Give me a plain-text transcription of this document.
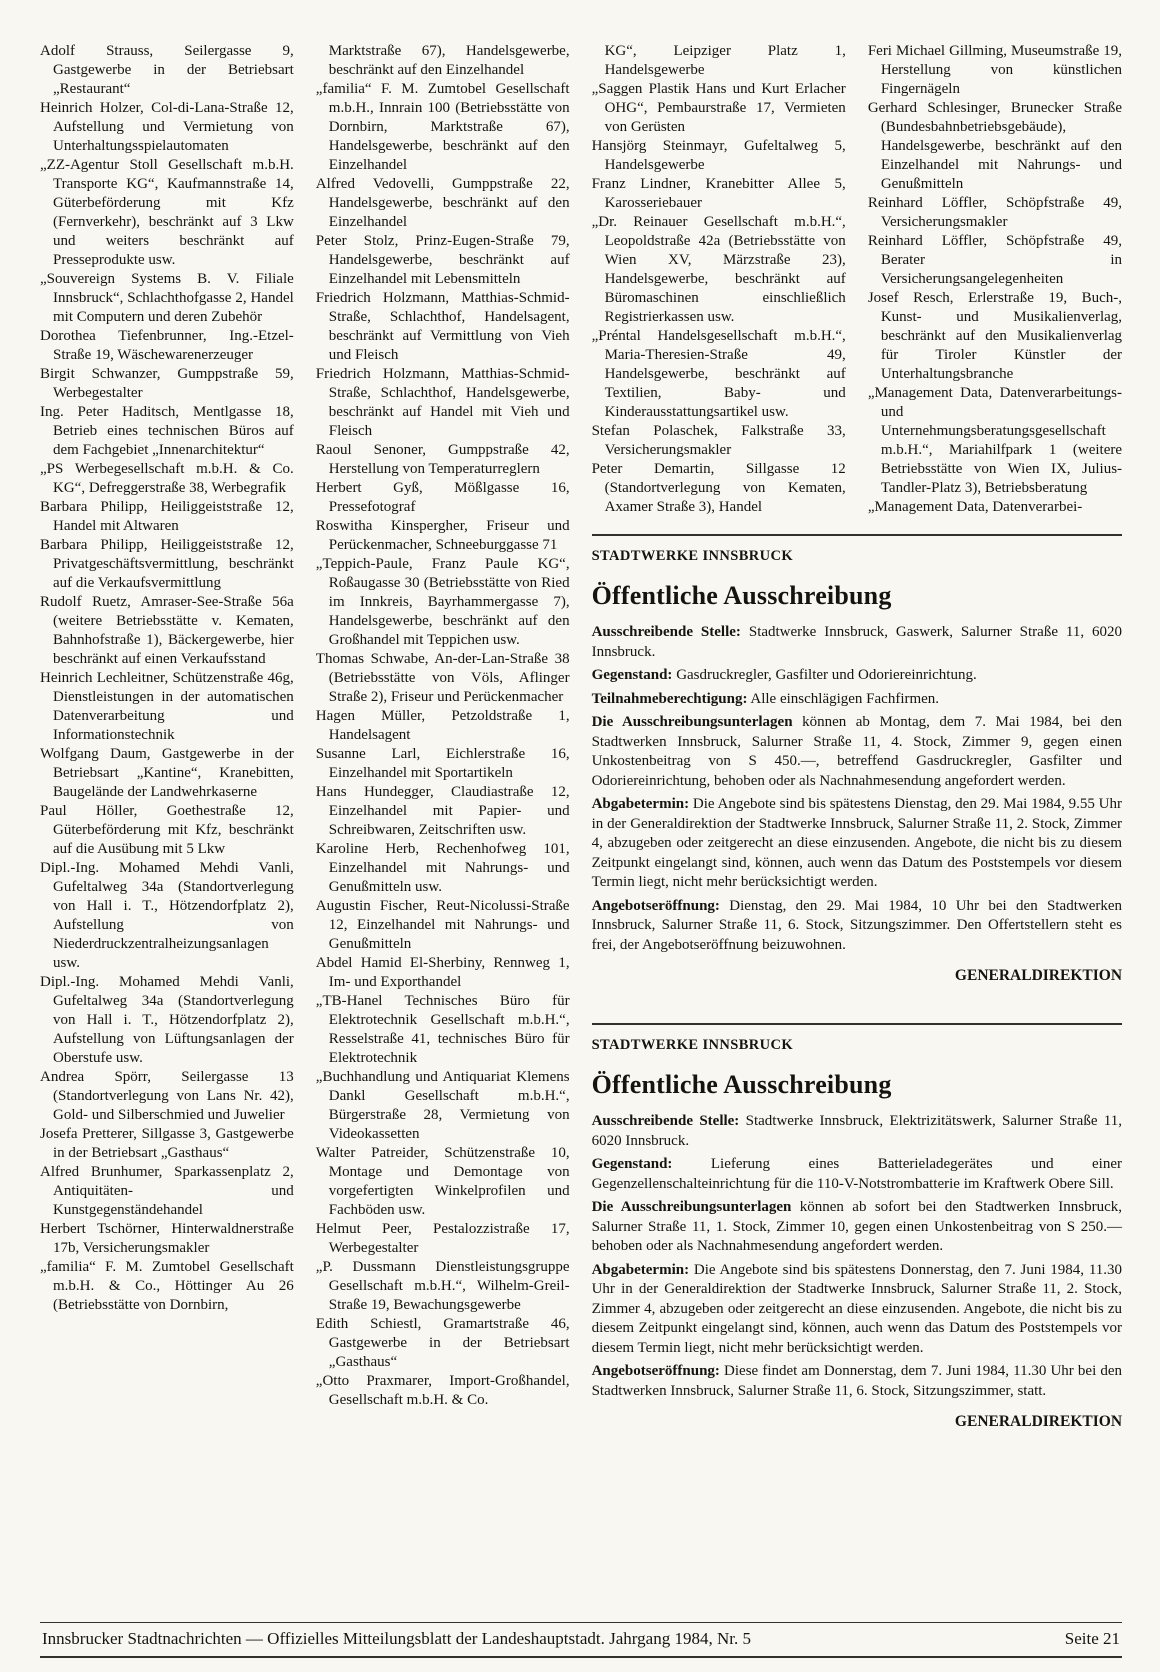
Adolf Strauss, Seilergasse 9, Gastgewerbe in der Betriebsart „Restaurant“

Heinrich Holzer, Col-di-Lana-Straße 12, Aufstellung und Vermietung von Unterhaltungsspielautomaten

„ZZ-Agentur Stoll Gesellschaft m.b.H. Transporte KG“, Kaufmannstraße 14, Güterbeförderung mit Kfz (Fernverkehr), beschränkt auf 3 Lkw und weiters beschränkt auf Presseprodukte usw.

„Souvereign Systems B. V. Filiale Innsbruck“, Schlachthofgasse 2, Handel mit Computern und deren Zubehör

Dorothea Tiefenbrunner, Ing.-Etzel-Straße 19, Wäschewarenerzeuger

Birgit Schwanzer, Gumppstraße 59, Werbegestalter

Ing. Peter Haditsch, Mentlgasse 18, Betrieb eines technischen Büros auf dem Fachgebiet „Innenarchitektur“

„PS Werbegesellschaft m.b.H. & Co. KG“, Defreggerstraße 38, Werbegrafik

Barbara Philipp, Heiliggeiststraße 12, Handel mit Altwaren

Barbara Philipp, Heiliggeiststraße 12, Privatgeschäftsvermittlung, beschränkt auf die Verkaufsvermittlung

Rudolf Ruetz, Amraser-See-Straße 56a (weitere Betriebsstätte v. Kematen, Bahnhofstraße 1), Bäckergewerbe, hier beschränkt auf einen Verkaufsstand

Heinrich Lechleitner, Schützenstraße 46g, Dienstleistungen in der automatischen Datenverarbeitung und Informationstechnik

Wolfgang Daum, Gastgewerbe in der Betriebsart „Kantine“, Kranebitten, Baugelände der Landwehrkaserne

Paul Höller, Goethestraße 12, Güterbeförderung mit Kfz, beschränkt auf die Ausübung mit 5 Lkw

Dipl.-Ing. Mohamed Mehdi Vanli, Gufeltalweg 34a (Standortverlegung von Hall i. T., Hötzendorfplatz 2), Aufstellung von Niederdruckzentralheizungsanlagen usw.

Dipl.-Ing. Mohamed Mehdi Vanli, Gufeltalweg 34a (Standortverlegung von Hall i. T., Hötzendorfplatz 2), Aufstellung von Lüftungsanlagen der Oberstufe usw.

Andrea Spörr, Seilergasse 13 (Standortverlegung von Lans Nr. 42), Gold- und Silberschmied und Juwelier

Josefa Pretterer, Sillgasse 3, Gastgewerbe in der Betriebsart „Gasthaus“

Alfred Brunhumer, Sparkassenplatz 2, Antiquitäten- und Kunstgegenständehandel

Herbert Tschörner, Hinterwaldnerstraße 17b, Versicherungsmakler

„familia“ F. M. Zumtobel Gesellschaft m.b.H. & Co., Höttinger Au 26 (Betriebsstätte von Dornbirn,

Marktstraße 67), Handelsgewerbe, beschränkt auf den Einzelhandel

„familia“ F. M. Zumtobel Gesellschaft m.b.H., Innrain 100 (Betriebsstätte von Dornbirn, Marktstraße 67), Handelsgewerbe, beschränkt auf den Einzelhandel

Alfred Vedovelli, Gumppstraße 22, Handelsgewerbe, beschränkt auf den Einzelhandel

Peter Stolz, Prinz-Eugen-Straße 79, Handelsgewerbe, beschränkt auf Einzelhandel mit Lebensmitteln

Friedrich Holzmann, Matthias-Schmid-Straße, Schlachthof, Handelsagent, beschränkt auf Vermittlung von Vieh und Fleisch

Friedrich Holzmann, Matthias-Schmid-Straße, Schlachthof, Handelsgewerbe, beschränkt auf Handel mit Vieh und Fleisch

Raoul Senoner, Gumppstraße 42, Herstellung von Temperaturreglern

Herbert Gyß, Mößlgasse 16, Pressefotograf

Roswitha Kinspergher, Friseur und Perückenmacher, Schneeburggasse 71

„Teppich-Paule, Franz Paule KG“, Roßaugasse 30 (Betriebsstätte von Ried im Innkreis, Bayrhammergasse 7), Handelsgewerbe, beschränkt auf den Großhandel mit Teppichen usw.

Thomas Schwabe, An-der-Lan-Straße 38 (Betriebsstätte von Völs, Aflinger Straße 2), Friseur und Perückenmacher

Hagen Müller, Petzoldstraße 1, Handelsagent

Susanne Larl, Eichlerstraße 16, Einzelhandel mit Sportartikeln

Hans Hundegger, Claudiastraße 12, Einzelhandel mit Papier- und Schreibwaren, Zeitschriften usw.

Karoline Herb, Rechenhofweg 101, Einzelhandel mit Nahrungs- und Genußmitteln usw.

Augustin Fischer, Reut-Nicolussi-Straße 12, Einzelhandel mit Nahrungs- und Genußmitteln

Abdel Hamid El-Sherbiny, Rennweg 1, Im- und Exporthandel

„TB-Hanel Technisches Büro für Elektrotechnik Gesellschaft m.b.H.“, Resselstraße 41, technisches Büro für Elektrotechnik

„Buchhandlung und Antiquariat Klemens Dankl Gesellschaft m.b.H.“, Bürgerstraße 28, Vermietung von Videokassetten

Walter Patreider, Schützenstraße 10, Montage und Demontage von vorgefertigten Winkelprofilen und Fachböden usw.

Helmut Peer, Pestalozzistraße 17, Werbegestalter

„P. Dussmann Dienstleistungsgruppe Gesellschaft m.b.H.“, Wilhelm-Greil-Straße 19, Bewachungsgewerbe

Edith Schiestl, Gramartstraße 46, Gastgewerbe in der Betriebsart „Gasthaus“

„Otto Praxmarer, Import-Großhandel, Gesellschaft m.b.H. & Co.

KG“, Leipziger Platz 1, Handelsgewerbe

„Saggen Plastik Hans und Kurt Erlacher OHG“, Pembaurstraße 17, Vermieten von Gerüsten

Hansjörg Steinmayr, Gufeltalweg 5, Handelsgewerbe

Franz Lindner, Kranebitter Allee 5, Karosseriebauer

„Dr. Reinauer Gesellschaft m.b.H.“, Leopoldstraße 42a (Betriebsstätte von Wien XV, Märzstraße 23), Handelsgewerbe, beschränkt auf Büromaschinen einschließlich Registrierkassen usw.

„Préntal Handelsgesellschaft m.b.H.“, Maria-Theresien-Straße 49, Handelsgewerbe, beschränkt auf Textilien, Baby- und Kinderausstattungsartikel usw.

Stefan Polaschek, Falkstraße 33, Versicherungsmakler

Peter Demartin, Sillgasse 12 (Standortverlegung von Kematen, Axamer Straße 3), Handel

Feri Michael Gillming, Museumstraße 19, Herstellung von künstlichen Fingernägeln

Gerhard Schlesinger, Brunecker Straße (Bundesbahnbetriebsgebäude), Handelsgewerbe, beschränkt auf den Einzelhandel mit Nahrungs- und Genußmitteln

Reinhard Löffler, Schöpfstraße 49, Versicherungsmakler

Reinhard Löffler, Schöpfstraße 49, Berater in Versicherungsangelegenheiten

Josef Resch, Erlerstraße 19, Buch-, Kunst- und Musikalienverlag, beschränkt auf den Musikalienverlag für Tiroler Künstler der Unterhaltungsbranche

„Management Data, Datenverarbeitungs- und Unternehmungsberatungsgesellschaft m.b.H.“, Mariahilfpark 1 (weitere Betriebsstätte von Wien IX, Julius-Tandler-Platz 3), Betriebsberatung

„Management Data, Datenverarbei-

STADTWERKE INNSBRUCK
Öffentliche Ausschreibung

Ausschreibende Stelle: Stadtwerke Innsbruck, Gaswerk, Salurner Straße 11, 6020 Innsbruck.

Gegenstand: Gasdruckregler, Gasfilter und Odoriereinrichtung.

Teilnahmeberechtigung: Alle einschlägigen Fachfirmen.

Die Ausschreibungsunterlagen können ab Montag, dem 7. Mai 1984, bei den Stadtwerken Innsbruck, Salurner Straße 11, 4. Stock, Zimmer 9, gegen einen Unkostenbeitrag von S 450.—, betreffend Gasdruckregler, Gasfilter und Odoriereinrichtung, behoben oder als Nachnahmesendung angefordert werden.

Abgabetermin: Die Angebote sind bis spätestens Dienstag, den 29. Mai 1984, 9.55 Uhr in der Generaldirektion der Stadtwerke Innsbruck, Salurner Straße 11, 2. Stock, Zimmer 4, abzugeben oder zeitgerecht an diese einzusenden. Angebote, die nicht bis zu diesem Zeitpunkt eingelangt sind, können, auch wenn das Datum des Poststempels vor diesem Termin liegt, nicht mehr berücksichtigt werden.

Angebotseröffnung: Dienstag, den 29. Mai 1984, 10 Uhr bei den Stadtwerken Innsbruck, Salurner Straße 11, 6. Stock, Sitzungszimmer. Den Offertstellern steht es frei, der Angebotseröffnung beizuwohnen.

GENERALDIREKTION
STADTWERKE INNSBRUCK
Öffentliche Ausschreibung

Ausschreibende Stelle: Stadtwerke Innsbruck, Elektrizitätswerk, Salurner Straße 11, 6020 Innsbruck.

Gegenstand: Lieferung eines Batterieladegerätes und einer Gegenzellenschalteinrichtung für die 110-V-Notstrombatterie im Kraftwerk Obere Sill.

Die Ausschreibungsunterlagen können ab sofort bei den Stadtwerken Innsbruck, Salurner Straße 11, 1. Stock, Zimmer 10, gegen einen Unkostenbeitrag von S 250.— behoben oder als Nachnahmesendung angefordert werden.

Abgabetermin: Die Angebote sind bis spätestens Donnerstag, den 7. Juni 1984, 11.30 Uhr in der Generaldirektion der Stadtwerke Innsbruck, Salurner Straße 11, 2. Stock, Zimmer 4, abzugeben oder zeitgerecht an diese einzusenden. Angebote, die nicht bis zu diesem Zeitpunkt eingelangt sind, können, auch wenn das Datum des Poststempels vor diesem Termin liegt, nicht mehr berücksichtigt werden.

Angebotseröffnung: Diese findet am Donnerstag, dem 7. Juni 1984, 11.30 Uhr bei den Stadtwerken Innsbruck, Salurner Straße 11, 6. Stock, Sitzungszimmer, statt.

GENERALDIREKTION
Innsbrucker Stadtnachrichten — Offizielles Mitteilungsblatt der Landeshauptstadt. Jahrgang 1984, Nr. 5	Seite 21
